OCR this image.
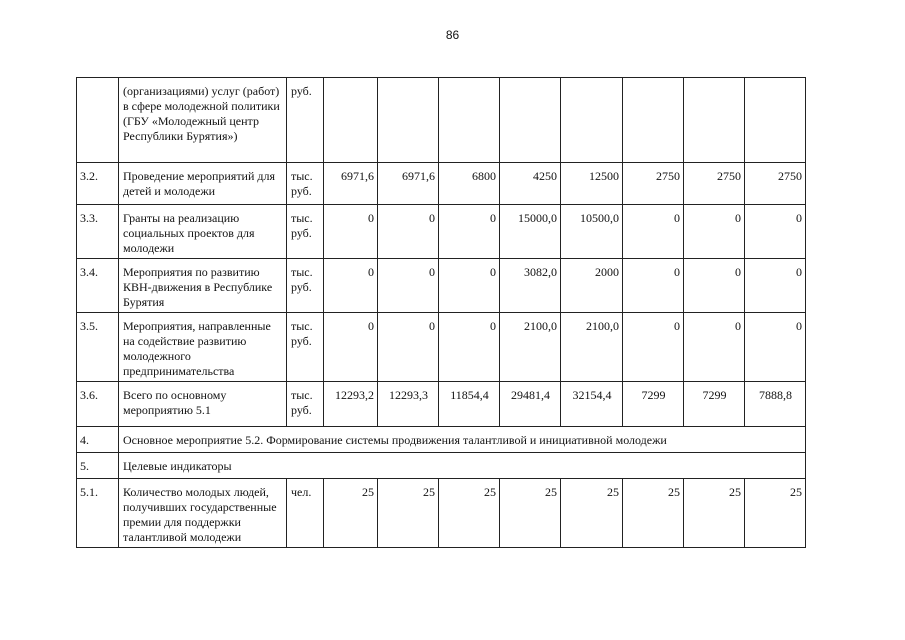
86
	(организациями) услуг (работ) в сфере молодежной политики (ГБУ «Молодежный центр Республики Бурятия»)	руб.								
3.2.	Проведение мероприятий для детей и молодежи	тыс. руб.	6971,6	6971,6	6800	4250	12500	2750	2750	2750
3.3.	Гранты на реализацию социальных проектов для молодежи	тыс. руб.	0	0	0	15000,0	10500,0	0	0	0
3.4.	Мероприятия по развитию КВН-движения в Республике Бурятия	тыс. руб.	0	0	0	3082,0	2000	0	0	0
3.5.	Мероприятия, направленные на содействие развитию молодежного предпринимательства	тыс. руб.	0	0	0	2100,0	2100,0	0	0	0
3.6.	Всего по основному мероприятию 5.1	тыс. руб.	12293,2	12293,3	11854,4	29481,4	32154,4	7299	7299	7888,8
4.	Основное мероприятие 5.2. Формирование системы продвижения талантливой и инициативной молодежи									
5.	Целевые индикаторы									
5.1.	Количество молодых людей, получивших государственные премии для поддержки талантливой молодежи	чел.	25	25	25	25	25	25	25	25
